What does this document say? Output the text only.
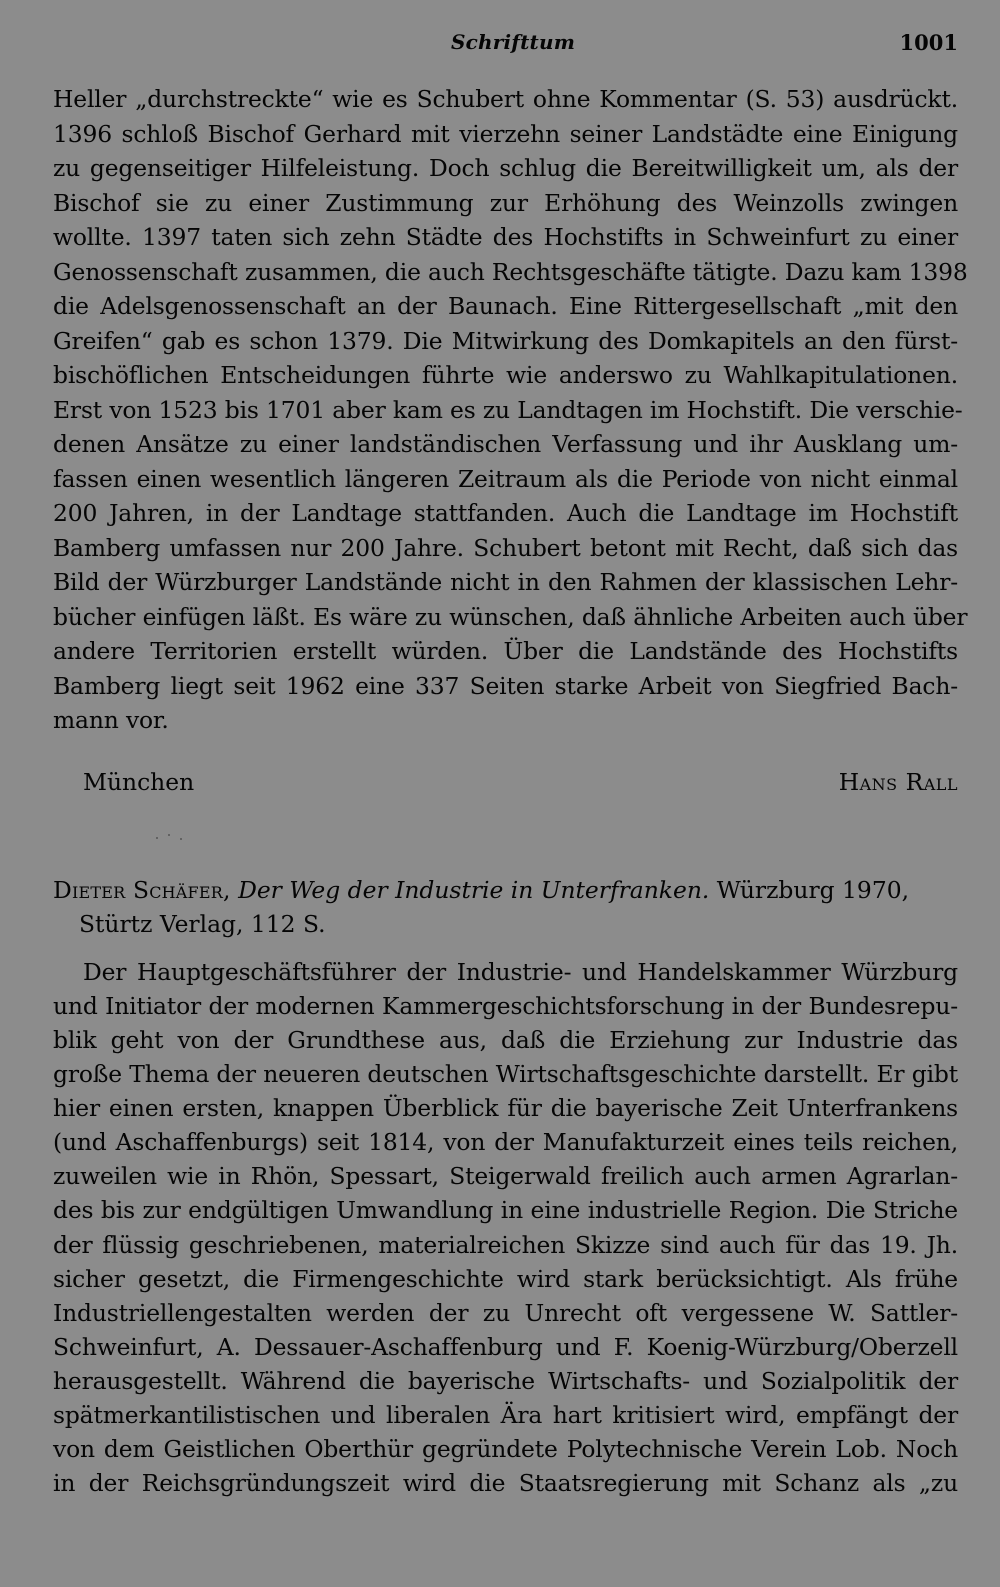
Schrifttum	1001
Heller „durchstreckte“ wie es Schubert ohne Kommentar (S. 53) ausdrückt.
1396 schloß Bischof Gerhard mit vierzehn seiner Landstädte eine Einigung
zu gegenseitiger Hilfeleistung. Doch schlug die Bereitwilligkeit um, als der
Bischof sie zu einer Zustimmung zur Erhöhung des Weinzolls zwingen
wollte. 1397 taten sich zehn Städte des Hochstifts in Schweinfurt zu einer
Genossenschaft zusammen, die auch Rechtsgeschäfte tätigte. Dazu kam 1398
die Adelsgenossenschaft an der Baunach. Eine Rittergesellschaft „mit den
Greifen“ gab es schon 1379. Die Mitwirkung des Domkapitels an den fürst-
bischöflichen Entscheidungen führte wie anderswo zu Wahlkapitulationen.
Erst von 1523 bis 1701 aber kam es zu Landtagen im Hochstift. Die verschie-
denen Ansätze zu einer landständischen Verfassung und ihr Ausklang um-
fassen einen wesentlich längeren Zeitraum als die Periode von nicht einmal
200 Jahren, in der Landtage stattfanden. Auch die Landtage im Hochstift
Bamberg umfassen nur 200 Jahre. Schubert betont mit Recht, daß sich das
Bild der Würzburger Landstände nicht in den Rahmen der klassischen Lehr-
bücher einfügen läßt. Es wäre zu wünschen, daß ähnliche Arbeiten auch über
andere Territorien erstellt würden. Über die Landstände des Hochstifts
Bamberg liegt seit 1962 eine 337 Seiten starke Arbeit von Siegfried Bach-
mann vor.
München	Hans Rall
Dieter Schäfer, Der Weg der Industrie in Unterfranken. Würzburg 1970,
Stürtz Verlag, 112 S.
Der Hauptgeschäftsführer der Industrie- und Handelskammer Würzburg
und Initiator der modernen Kammergeschichtsforschung in der Bundesrepu-
blik geht von der Grundthese aus, daß die Erziehung zur Industrie das
große Thema der neueren deutschen Wirtschaftsgeschichte darstellt. Er gibt
hier einen ersten, knappen Überblick für die bayerische Zeit Unterfrankens
(und Aschaffenburgs) seit 1814, von der Manufakturzeit eines teils reichen,
zuweilen wie in Rhön, Spessart, Steigerwald freilich auch armen Agrarlan-
des bis zur endgültigen Umwandlung in eine industrielle Region. Die Striche
der flüssig geschriebenen, materialreichen Skizze sind auch für das 19. Jh.
sicher gesetzt, die Firmengeschichte wird stark berücksichtigt. Als frühe
Industriellengestalten werden der zu Unrecht oft vergessene W. Sattler-
Schweinfurt, A. Dessauer-Aschaffenburg und F. Koenig-Würzburg/Oberzell
herausgestellt. Während die bayerische Wirtschafts- und Sozialpolitik der
spätmerkantilistischen und liberalen Ära hart kritisiert wird, empfängt der
von dem Geistlichen Oberthür gegründete Polytechnische Verein Lob. Noch
in der Reichsgründungszeit wird die Staatsregierung mit Schanz als „zu
